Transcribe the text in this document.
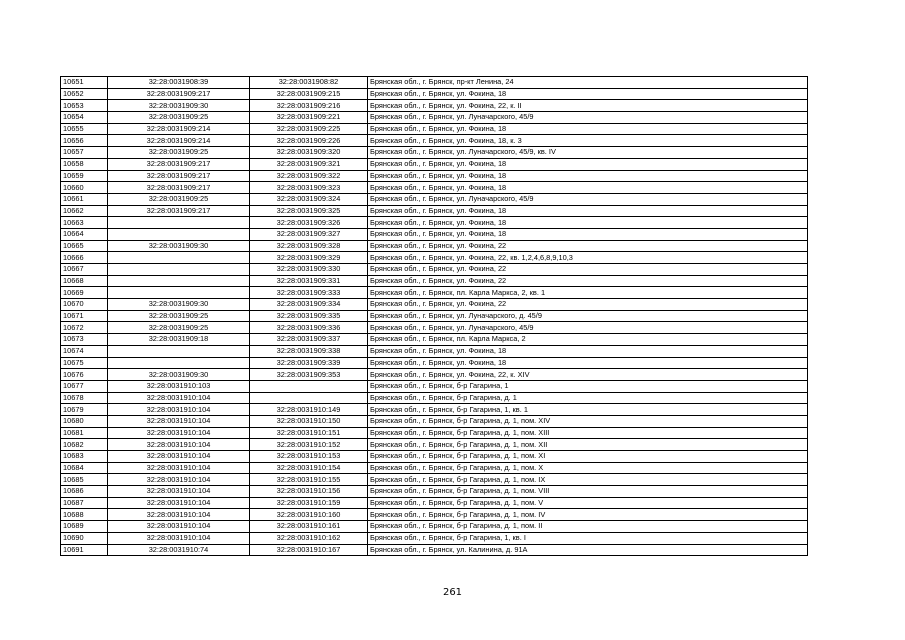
10651	32:28:0031908:39	32:28:0031908:82	Брянская обл., г. Брянск, пр-кт Ленина, 24
10652	32:28:0031909:217	32:28:0031909:215	Брянская обл., г. Брянск, ул. Фокина, 18
10653	32:28:0031909:30	32:28:0031909:216	Брянская обл., г. Брянск, ул. Фокина, 22, к. II
10654	32:28:0031909:25	32:28:0031909:221	Брянская обл., г. Брянск, ул. Луначарского, 45/9
10655	32:28:0031909:214	32:28:0031909:225	Брянская обл., г. Брянск, ул. Фокина, 18
10656	32:28:0031909:214	32:28:0031909:226	Брянская обл., г. Брянск, ул. Фокина, 18, к. 3
10657	32:28:0031909:25	32:28:0031909:320	Брянская обл., г. Брянск, ул. Луначарского, 45/9, кв. IV
10658	32:28:0031909:217	32:28:0031909:321	Брянская обл., г. Брянск, ул. Фокина, 18
10659	32:28:0031909:217	32:28:0031909:322	Брянская обл., г. Брянск, ул. Фокина, 18
10660	32:28:0031909:217	32:28:0031909:323	Брянская обл., г. Брянск, ул. Фокина, 18
10661	32:28:0031909:25	32:28:0031909:324	Брянская обл., г. Брянск, ул. Луначарского, 45/9
10662	32:28:0031909:217	32:28:0031909:325	Брянская обл., г. Брянск, ул. Фокина, 18
10663		32:28:0031909:326	Брянская обл., г. Брянск, ул. Фокина, 18
10664		32:28:0031909:327	Брянская обл., г. Брянск, ул. Фокина, 18
10665	32:28:0031909:30	32:28:0031909:328	Брянская обл., г. Брянск, ул. Фокина, 22
10666		32:28:0031909:329	Брянская обл., г. Брянск, ул. Фокина, 22, кв. 1,2,4,6,8,9,10,3
10667		32:28:0031909:330	Брянская обл., г. Брянск, ул. Фокина, 22
10668		32:28:0031909:331	Брянская обл., г. Брянск, ул. Фокина, 22
10669		32:28:0031909:333	Брянская обл., г. Брянск, пл. Карла Маркса, 2, кв. 1
10670	32:28:0031909:30	32:28:0031909:334	Брянская обл., г. Брянск, ул. Фокина, 22
10671	32:28:0031909:25	32:28:0031909:335	Брянская обл., г. Брянск, ул. Луначарского, д. 45/9
10672	32:28:0031909:25	32:28:0031909:336	Брянская обл., г. Брянск, ул. Луначарского, 45/9
10673	32:28:0031909:18	32:28:0031909:337	Брянская обл., г. Брянск, пл. Карла Маркса, 2
10674		32:28:0031909:338	Брянская обл., г. Брянск, ул. Фокина, 18
10675		32:28:0031909:339	Брянская обл., г. Брянск, ул. Фокина, 18
10676	32:28:0031909:30	32:28:0031909:353	Брянская обл., г. Брянск, ул. Фокина, 22, к. XIV
10677	32:28:0031910:103		Брянская обл., г. Брянск, б-р Гагарина, 1
10678	32:28:0031910:104		Брянская обл., г. Брянск, б-р Гагарина, д. 1
10679	32:28:0031910:104	32:28:0031910:149	Брянская обл., г. Брянск, б-р Гагарина, 1, кв. 1
10680	32:28:0031910:104	32:28:0031910:150	Брянская обл., г. Брянск, б-р Гагарина, д. 1, пом. XIV
10681	32:28:0031910:104	32:28:0031910:151	Брянская обл., г. Брянск, б-р Гагарина, д. 1, пом. XIII
10682	32:28:0031910:104	32:28:0031910:152	Брянская обл., г. Брянск, б-р Гагарина, д. 1, пом. XII
10683	32:28:0031910:104	32:28:0031910:153	Брянская обл., г. Брянск, б-р Гагарина, д. 1, пом. XI
10684	32:28:0031910:104	32:28:0031910:154	Брянская обл., г. Брянск, б-р Гагарина, д. 1, пом. X
10685	32:28:0031910:104	32:28:0031910:155	Брянская обл., г. Брянск, б-р Гагарина, д. 1, пом. IX
10686	32:28:0031910:104	32:28:0031910:156	Брянская обл., г. Брянск, б-р Гагарина, д. 1, пом. VIII
10687	32:28:0031910:104	32:28:0031910:159	Брянская обл., г. Брянск, б-р Гагарина, д. 1, пом. V
10688	32:28:0031910:104	32:28:0031910:160	Брянская обл., г. Брянск, б-р Гагарина, д. 1, пом. IV
10689	32:28:0031910:104	32:28:0031910:161	Брянская обл., г. Брянск, б-р Гагарина, д. 1, пом. II
10690	32:28:0031910:104	32:28:0031910:162	Брянская обл., г. Брянск, б-р Гагарина, 1, кв. I
10691	32:28:0031910:74	32:28:0031910:167	Брянская обл., г. Брянск, ул. Калинина, д. 91А
261
